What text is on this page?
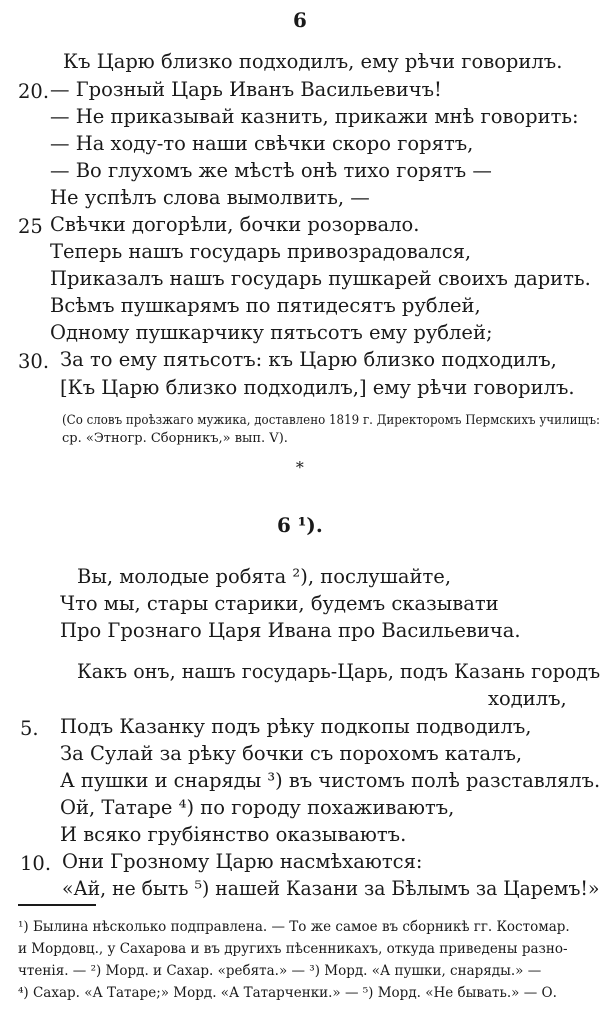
6
Къ Царю близко подходилъ, ему рѣчи говорилъ.
20. — Грозный Царь Иванъ Васильевичъ!
— Не приказывай казнить, прикажи мнѣ говорить:
— На ходу-то наши свѣчки скоро горятъ,
— Во глухомъ же мѣстѣ онѣ тихо горятъ —
Не успѣлъ слова вымолвить, —
25 Свѣчки догорѣли, бочки розорвало.
Теперь нашъ государь привозрадовался,
Приказалъ нашъ государь пушкарей своихъ дарить.
Всѣмъ пушкарямъ по пятидесятъ рублей,
Одному пушкарчику пятьсотъ ему рублей;
30. За то ему пятьсотъ: къ Царю близко подходилъ,
[Къ Царю близко подходилъ,] ему рѣчи говорилъ.
(Со словъ проѣзжаго мужика, доставлено 1819 г. Директоромъ Пермскихъ училищъ:
ср. «Этногр. Сборникъ,» вып. V).
*
6 ¹).
Вы, молодые робята ²), послушайте,
Что мы, стары старики, будемъ сказывати
Про Грознаго Царя Ивана про Васильевича.
Какъ онъ, нашъ государь-Царь, подъ Казань городъ
ходилъ,
5. Подъ Казанку подъ рѣку подкопы подводилъ,
За Сулай за рѣку бочки съ порохомъ каталъ,
А пушки и снаряды ³) въ чистомъ полѣ разставлялъ.
Ой, Татаре ⁴) по городу похаживаютъ,
И всяко грубіянство оказываютъ.
10. Они Грозному Царю насмѣхаются:
«Ай, не быть ⁵) нашей Казани за Бѣлымъ за Царемъ!»
¹) Былина нѣсколько подправлена. — То же самое въ сборникѣ гг. Костомар.
и Мордовц., у Сахарова и въ другихъ пѣсенникахъ, откуда приведены разно-
чтенія. — ²) Морд. и Сахар. «ребята.» — ³) Морд. «А пушки, снаряды.» —
⁴) Сахар. «А Татаре;» Морд. «А Татарченки.» — ⁵) Морд. «Не бывать.» — О.
